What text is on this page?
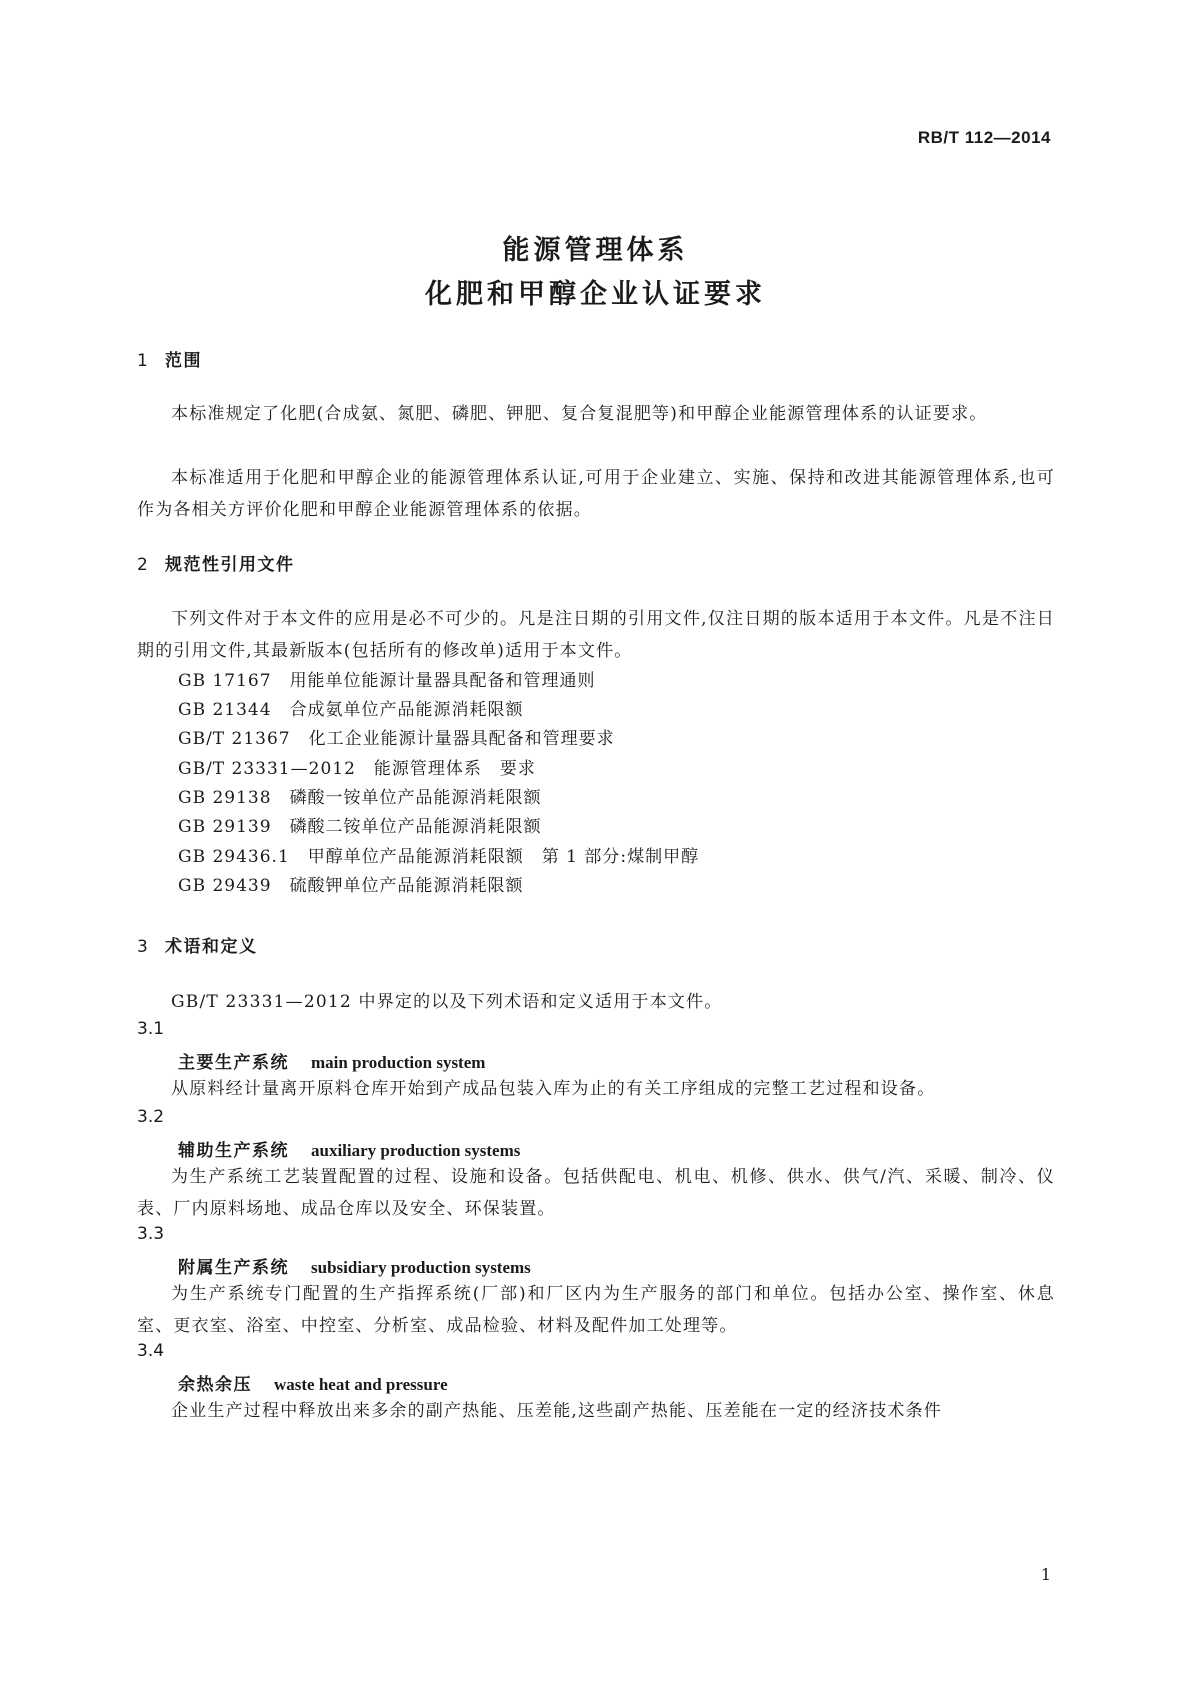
RB/T 112—2014
能源管理体系
化肥和甲醇企业认证要求
1 范围
本标准规定了化肥(合成氨、氮肥、磷肥、钾肥、复合复混肥等)和甲醇企业能源管理体系的认证要求。
本标准适用于化肥和甲醇企业的能源管理体系认证,可用于企业建立、实施、保持和改进其能源管理体系,也可作为各相关方评价化肥和甲醇企业能源管理体系的依据。
2 规范性引用文件
下列文件对于本文件的应用是必不可少的。凡是注日期的引用文件,仅注日期的版本适用于本文件。凡是不注日期的引用文件,其最新版本(包括所有的修改单)适用于本文件。
GB 17167 用能单位能源计量器具配备和管理通则
GB 21344 合成氨单位产品能源消耗限额
GB/T 21367 化工企业能源计量器具配备和管理要求
GB/T 23331—2012 能源管理体系　要求
GB 29138 磷酸一铵单位产品能源消耗限额
GB 29139 磷酸二铵单位产品能源消耗限额
GB 29436.1 甲醇单位产品能源消耗限额　第 1 部分:煤制甲醇
GB 29439 硫酸钾单位产品能源消耗限额
3 术语和定义
GB/T 23331—2012 中界定的以及下列术语和定义适用于本文件。
3.1
主要生产系统 main production system
从原料经计量离开原料仓库开始到产成品包装入库为止的有关工序组成的完整工艺过程和设备。
3.2
辅助生产系统 auxiliary production systems
为生产系统工艺装置配置的过程、设施和设备。包括供配电、机电、机修、供水、供气/汽、采暖、制冷、仪表、厂内原料场地、成品仓库以及安全、环保装置。
3.3
附属生产系统 subsidiary production systems
为生产系统专门配置的生产指挥系统(厂部)和厂区内为生产服务的部门和单位。包括办公室、操作室、休息室、更衣室、浴室、中控室、分析室、成品检验、材料及配件加工处理等。
3.4
余热余压 waste heat and pressure
企业生产过程中释放出来多余的副产热能、压差能,这些副产热能、压差能在一定的经济技术条件
1
